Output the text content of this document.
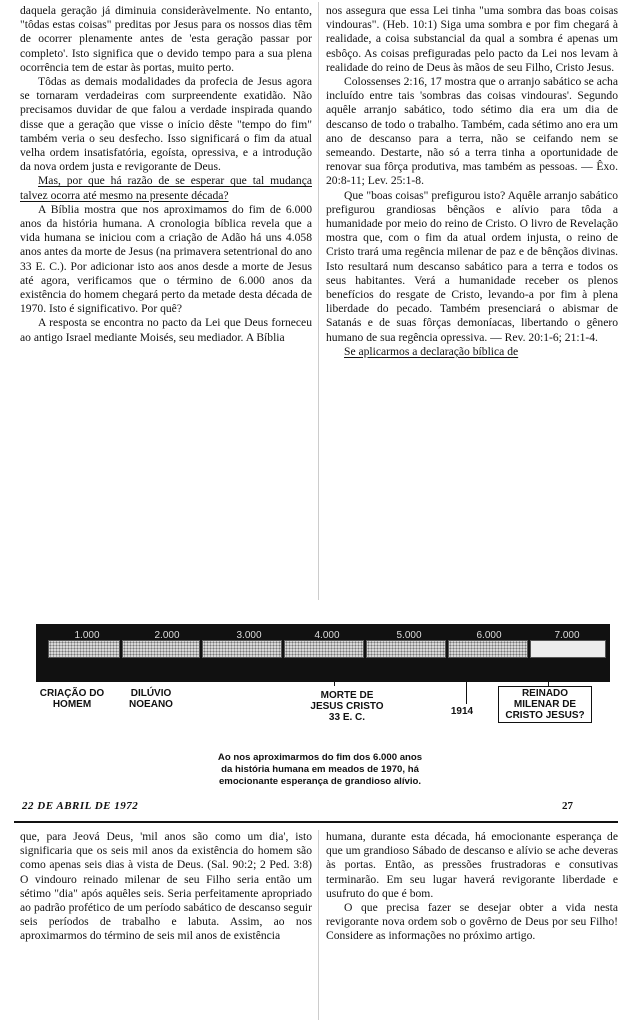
daquela geração já diminuia consideràvelmente. No entanto, "tôdas estas coisas" preditas por Jesus para os nossos dias têm de ocorrer plenamente antes de 'esta geração passar por completo'. Isto significa que o devido tempo para a sua plena ocorrência tem de estar às portas, muito perto.

Tôdas as demais modalidades da profecia de Jesus agora se tornaram verdadeiras com surpreendente exatidão. Não precisamos duvidar de que falou a verdade inspirada quando disse que a geração que visse o início dêste "tempo do fim" também veria o seu desfecho. Isso significará o fim da atual velha ordem insatisfatória, egoísta, opressiva, e a introdução da nova ordem justa e revigorante de Deus.

Mas, por que há razão de se esperar que tal mudança talvez ocorra até mesmo na presente década?

A Bíblia mostra que nos aproximamos do fim de 6.000 anos da história humana. A cronologia bíblica revela que a vida humana se iniciou com a criação de Adão há uns 4.058 anos antes da morte de Jesus (na primavera setentrional do ano 33 E. C.). Por adicionar isto aos anos desde a morte de Jesus até agora, verificamos que o término de 6.000 anos da existência do homem chegará perto da metade desta década de 1970. Isto é significativo. Por quê?

A resposta se encontra no pacto da Lei que Deus forneceu ao antigo Israel mediante Moisés, seu mediador. A Bíblia

nos assegura que essa Lei tinha "uma sombra das boas coisas vindouras". (Heb. 10:1) Siga uma sombra e por fim chegará à realidade, a coisa substancial da qual a sombra é apenas um esbôço. As coisas prefiguradas pelo pacto da Lei nos levam à realidade do reino de Deus às mãos de seu Filho, Cristo Jesus.

Colossenses 2:16, 17 mostra que o arranjo sabático se acha incluído entre tais 'sombras das coisas vindouras'. Segundo aquêle arranjo sabático, todo sétimo dia era um dia de descanso de todo o trabalho. Também, cada sétimo ano era um ano de descanso para a terra, não se ceifando nem se semeando. Destarte, não só a terra tinha a oportunidade de renovar sua fôrça produtiva, mas também as pessoas. — Êxo. 20:8-11; Lev. 25:1-8.

Que "boas coisas" prefigurou isto? Aquêle arranjo sabático prefigurou grandiosas bênçãos e alívio para tôda a humanidade por meio do reino de Cristo. O livro de Revelação mostra que, com o fim da atual ordem injusta, o reino de Cristo trará uma regência milenar de paz e de bênçãos divinas. Isto resultará num descanso sabático para a terra e todos os seus habitantes. Verá a humanidade receber os plenos benefícios do resgate de Cristo, levando-a por fim à plena liberdade do pecado. Também presenciará o abismar de Satanás e de suas fôrças demoníacas, libertando o gênero humano de sua regência opressiva. — Rev. 20:1-6; 21:1-4.

Se aplicarmos a declaração bíblica de

1.000	2.000	3.000	4.000	5.000	6.000	7.000
CRIAÇÃO DO HOMEM
DILÚVIO NOEANO
MORTE DE JESUS CRISTO 33 E. C.
1914
REINADO MILENAR DE CRISTO JESUS?
Ao nos aproximarmos do fim dos 6.000 anos
da história humana em meados de 1970, há
emocionante esperança de grandioso alívio.
22 DE ABRIL DE 1972	27

que, para Jeová Deus, 'mil anos são como um dia', isto significaria que os seis mil anos da existência do homem são como apenas seis dias à vista de Deus. (Sal. 90:2; 2 Ped. 3:8) O vindouro reinado milenar de seu Filho seria então um sétimo "dia" após aquêles seis. Seria perfeitamente apropriado ao padrão profético de um período sabático de descanso seguir seis períodos de trabalho e labuta. Assim, ao nos aproximarmos do término de seis mil anos de existência

humana, durante esta década, há emocionante esperança de que um grandioso Sábado de descanso e alívio se ache deveras às portas. Então, as pressões frustradoras e consutivas terminarão. Em seu lugar haverá revigorante liberdade e usufruto do que é bom.

O que precisa fazer se desejar obter a vida nesta revigorante nova ordem sob o govêrno de Deus por seu Filho! Considere as informações no próximo artigo.
